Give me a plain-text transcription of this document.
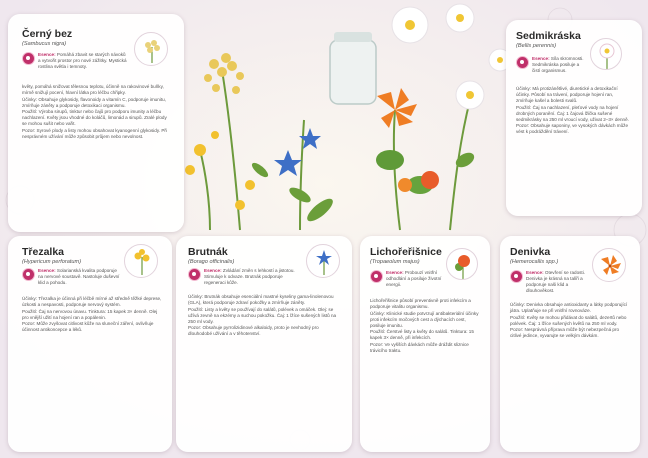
Černý bez
(Sambucus nigra)
Esence: Pomáhá zbavit se starých návoků a vytvořit prostor pro nové zážitky. Mystická rostlina světla i temnoty.

květy, pomáhá snižovat tělesnou teplotu, účinně na rakovinové buňky, mírně snižují pocení, hlavní látka pro léčbu chřipky.

Účinky: Obsahuje glykosidy, flavonoidy a vitamín C, podporuje imunitu, zmírňuje záněty a podporuje detoxikaci organismu.

Použití: Výroba sirupů, tinktur nebo čajů pro podporu imunity a léčbu nachlazení. Květy jsou vhodné do koláčů, limonád a sirupů. Zralé plody se mohou sušit nebo vařit.

Pozor: Syrové plody a listy mohou obsahovat kyanogenní glykosidy. Při nesprávném užívání může způsobit průjem nebo nevolnost.

Sedmikráska
(Bellis perennis)
Esence: Síla skromnosti. Sedmikráska posiluje a čistí organismus.

Účinky: Má protizánětlivé, diuretické a detoxikační účinky. Působí na trávení, podporuje hojení ran, zmírňuje kašel a bolesti svalů.

Použití: Čaj na nachlazení, pleťové vody na hojení drobných poranění. Čaj: 1 čajová lžička sušené sedmikrásky na 250 ml vroucí vody, uživat 2–3× denně.

Pozor: Obsahuje saponiny, ve vysokých dávkách může vést k podráždění trávení.

Třezalka
(Hypericum perforatum)
Esence: Solarianská kvalita podporuje na nervové soustavě. Nastoluje duševní klid a pohodu.

Účinky: Třezalka je účinná při léčbě mírné až středně těžké deprese, úzkosti a nespavosti, podporuje nervový systém.

Použití: Čaj na nervovou únavu. Tinktura: 15 kapek 3× denně. Olej pro vnější užití na hojení ran a popálenin.

Pozor: Může zvyšovat citlivost kůže na sluneční záření, ovlivňuje účinnost antikoncepce a léků.

Brutnák
(Borago officinalis)
Esence: Zvládání změn s lehkostí a jistotou. Stimuluje k odvaze. Brutnák podporuje regeneraci kůže.

Účinky: Brutnák obsahuje esenciální mastné kyseliny gama-linolenovou (GLA), která podporuje zdraví pokožky a zmírňuje záněty.

Použití: Listy a květy se používají do salátů, polévek a omáček. Olej: se užívá zevně na ekzémy a suchou pokožku. Čaj: 1 lžíce sušených listů na 250 ml vody.

Pozor: Obsahuje pyrrolizidinové alkaloidy, proto je nevhodný pro dlouhodobé užívání a v těhotenství.

Lichořeřišnice
(Tropaeolum majus)
Esence: Probouzí vnitřní odhodlání a posiluje životní energii.

Lichořeřišnice působí preventivně proti infekcím a podporuje vitalitu organismu.

Účinky: Klinické studie potvrzují antibakteriální účinky proti infekcím močových cest a dýchacích cest, posiluje imunitu.

Použití: Čerstvé listy a květy do salátů. Tinktura: 15 kapek 3× denně, při infekcích.

Pozor: Ve vyšších dávkách může dráždit sliznice trávicího traktu.

Denivka
(Hemerocallis spp.)
Esence: Otevření se radosti. Denivka je krásná na talíři a podporuje naši klid a dlouhověkost.

Účinky: Denivka obsahuje antioxidanty a látky podporující játra. Uplatňuje se při vnitřní rovnováze.

Použití: Květy se mohou přidávat do salátů, dezertů nebo polévek. Čaj: 1 lžíce sušených květů na 250 ml vody.

Pozor: Nesprávná příprava může být nebezpečná pro citlivé jedince, vyvarujte se velkým dávkám.
